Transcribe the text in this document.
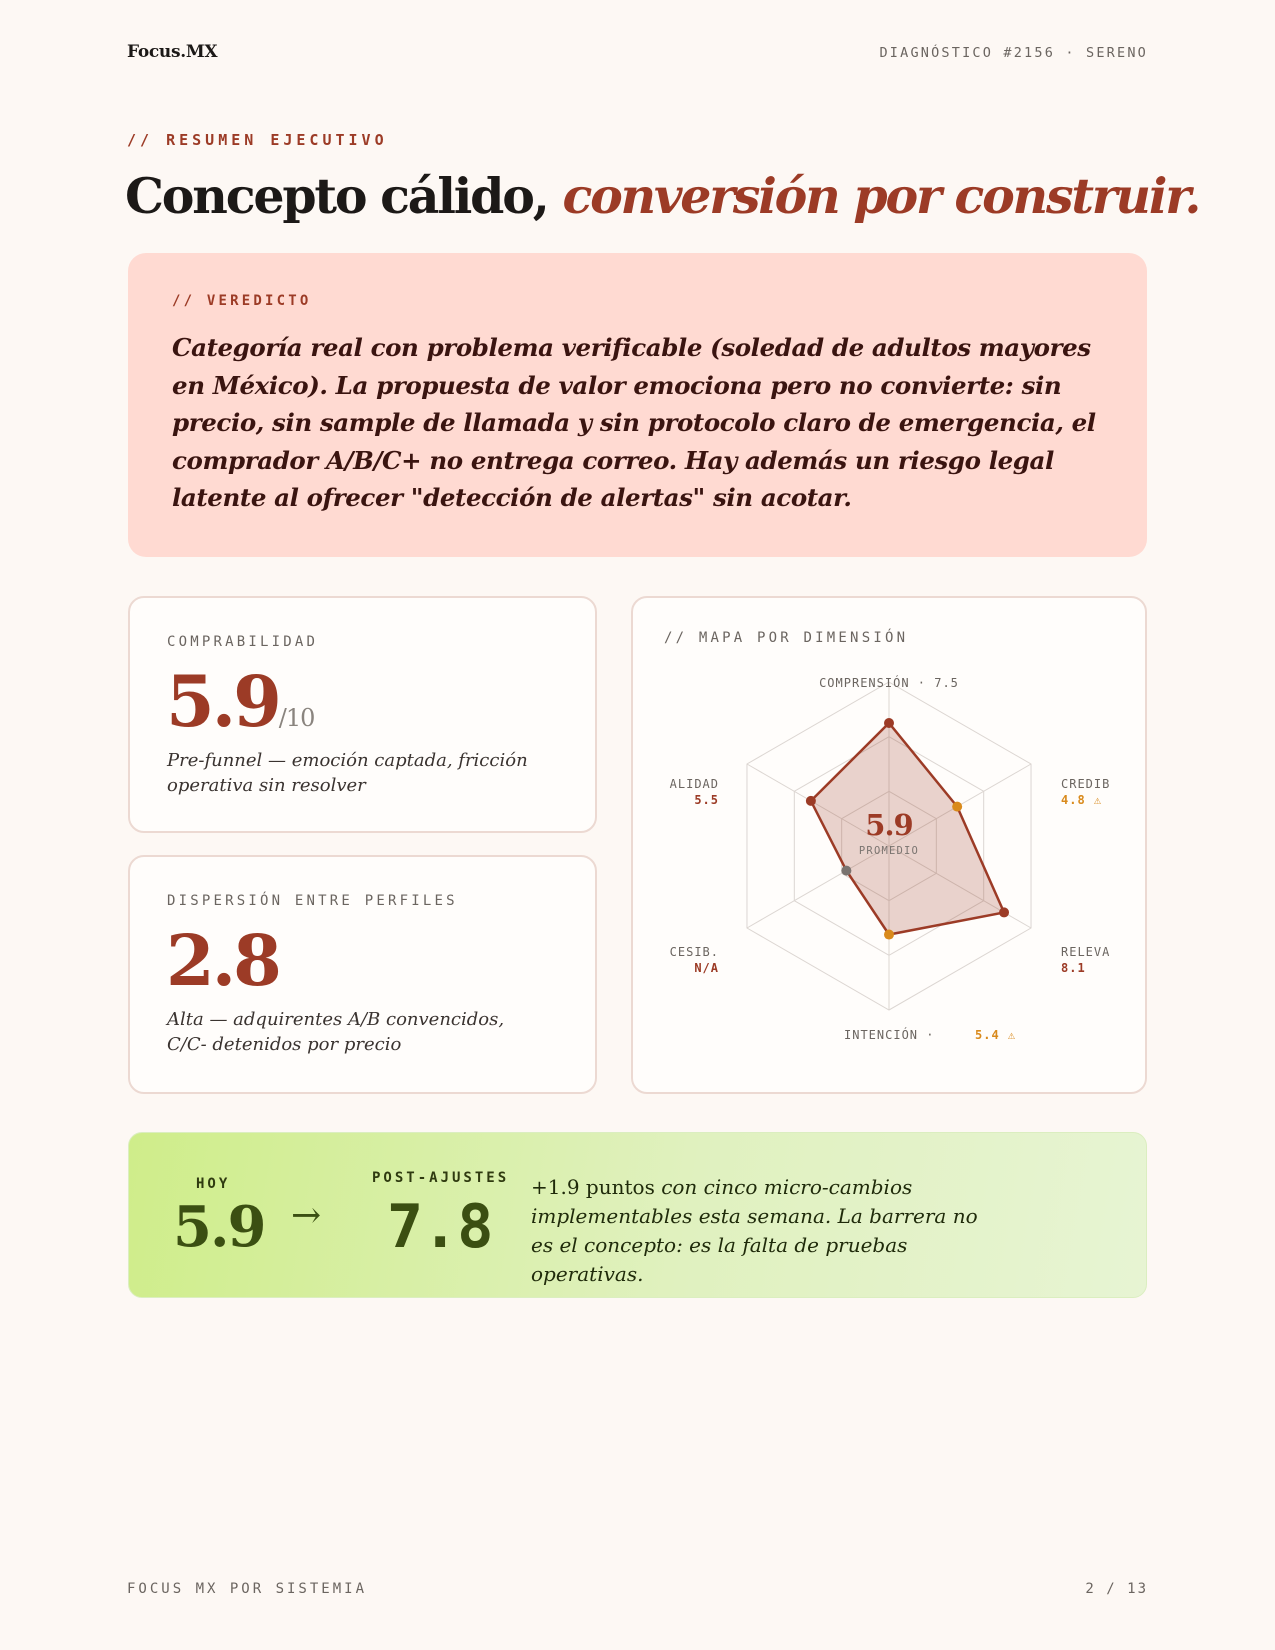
Focus.MX	DIAGNÓSTICO #2156 · SERENO
// RESUMEN EJECUTIVO
Concepto cálido, conversión por construir.
// VEREDICTO
Categoría real con problema verificable (soledad de adultos mayores en México). La propuesta de valor emociona pero no convierte: sin precio, sin sample de llamada y sin protocolo claro de emergencia, el comprador A/B/C+ no entrega correo. Hay además un riesgo legal latente al ofrecer "detección de alertas" sin acotar.
COMPRABILIDAD
5.9/10
Pre-funnel — emoción captada, fricción operativa sin resolver
DISPERSIÓN ENTRE PERFILES
2.8
Alta — adquirentes A/B convencidos, C/C- detenidos por precio
// MAPA POR DIMENSIÓN
5.9
PROMEDIO
COMPRENSIÓN · 7.5
CREDIB
4.8 ⚠
RELEVA
8.1
INTENCIÓN ·	5.4 ⚠
CESIB.
N/A
ALIDAD
5.5
HOY
5.9 →
POST-AJUSTES
7.8
+1.9 puntos con cinco micro-cambios implementables esta semana. La barrera no es el concepto: es la falta de pruebas operativas.
FOCUS MX POR SISTEMIA	2 / 13
